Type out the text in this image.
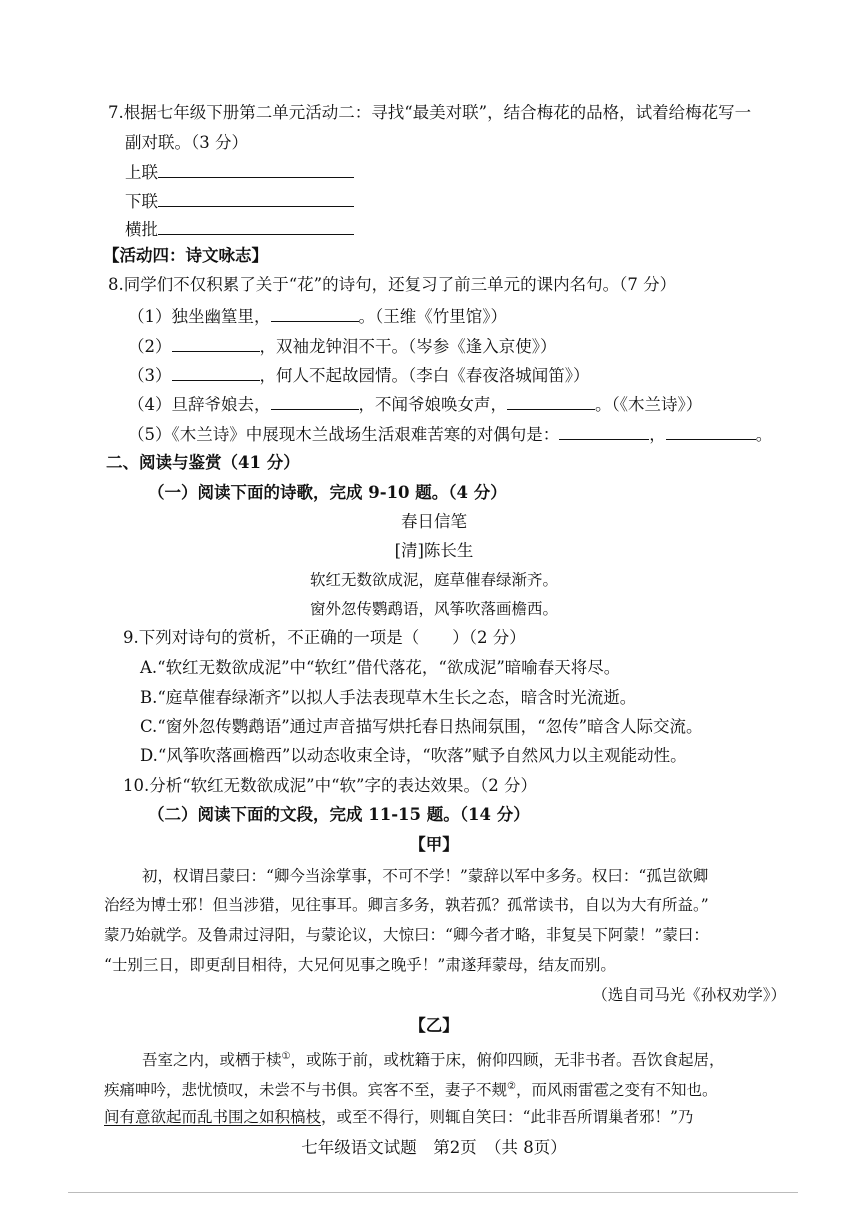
7.根据七年级下册第二单元活动二：寻找“最美对联”，结合梅花的品格，试着给梅花写一
副对联。（3 分）
上联
下联
横批
【活动四：诗文咏志】
8.同学们不仅积累了关于“花”的诗句，还复习了前三单元的课内名句。（7 分）
（1）独坐幽篁里，	。（王维《竹里馆》）
（2）	，双袖龙钟泪不干。（岑参《逢入京使》）
（3）	，何人不起故园情。（李白《春夜洛城闻笛》）
（4）旦辞爷娘去，	，不闻爷娘唤女声，	。（《木兰诗》）
（5）《木兰诗》中展现木兰战场生活艰难苦寒的对偶句是：	，	。
二、阅读与鉴赏（41 分）
（一）阅读下面的诗歌，完成 9-10 题。（4 分）
春日信笔
[清]陈长生
软红无数欲成泥，庭草催春绿渐齐。
窗外忽传鹦鹉语，风筝吹落画檐西。
9.下列对诗句的赏析，不正确的一项是（　　）（2 分）
A.“软红无数欲成泥”中“软红”借代落花，“欲成泥”暗喻春天将尽。
B.“庭草催春绿渐齐”以拟人手法表现草木生长之态，暗含时光流逝。
C.“窗外忽传鹦鹉语”通过声音描写烘托春日热闹氛围，“忽传”暗含人际交流。
D.“风筝吹落画檐西”以动态收束全诗，“吹落”赋予自然风力以主观能动性。
10.分析“软红无数欲成泥”中“软”字的表达效果。（2 分）
（二）阅读下面的文段，完成 11-15 题。（14 分）
【甲】
初，权谓吕蒙曰：“卿今当涂掌事，不可不学！”蒙辞以军中多务。权曰：“孤岂欲卿
治经为博士邪！但当涉猎，见往事耳。卿言多务，孰若孤？孤常读书，自以为大有所益。”
蒙乃始就学。及鲁肃过浔阳，与蒙论议，大惊曰：“卿今者才略，非复吴下阿蒙！”蒙曰：
“士别三日，即更刮目相待，大兄何见事之晚乎！”肃遂拜蒙母，结友而别。
（选自司马光《孙权劝学》）
【乙】
吾室之内，或栖于椟①，或陈于前，或枕籍于床，俯仰四顾，无非书者。吾饮食起居，
疾痛呻吟，悲忧愤叹，未尝不与书俱。宾客不至，妻子不觌②，而风雨雷雹之变有不知也。
间有意欲起而乱书围之如积槁枝，或至不得行，则辄自笑曰：“此非吾所谓巢者邪！”乃
七年级语文试题　第2页　（共 8页）
